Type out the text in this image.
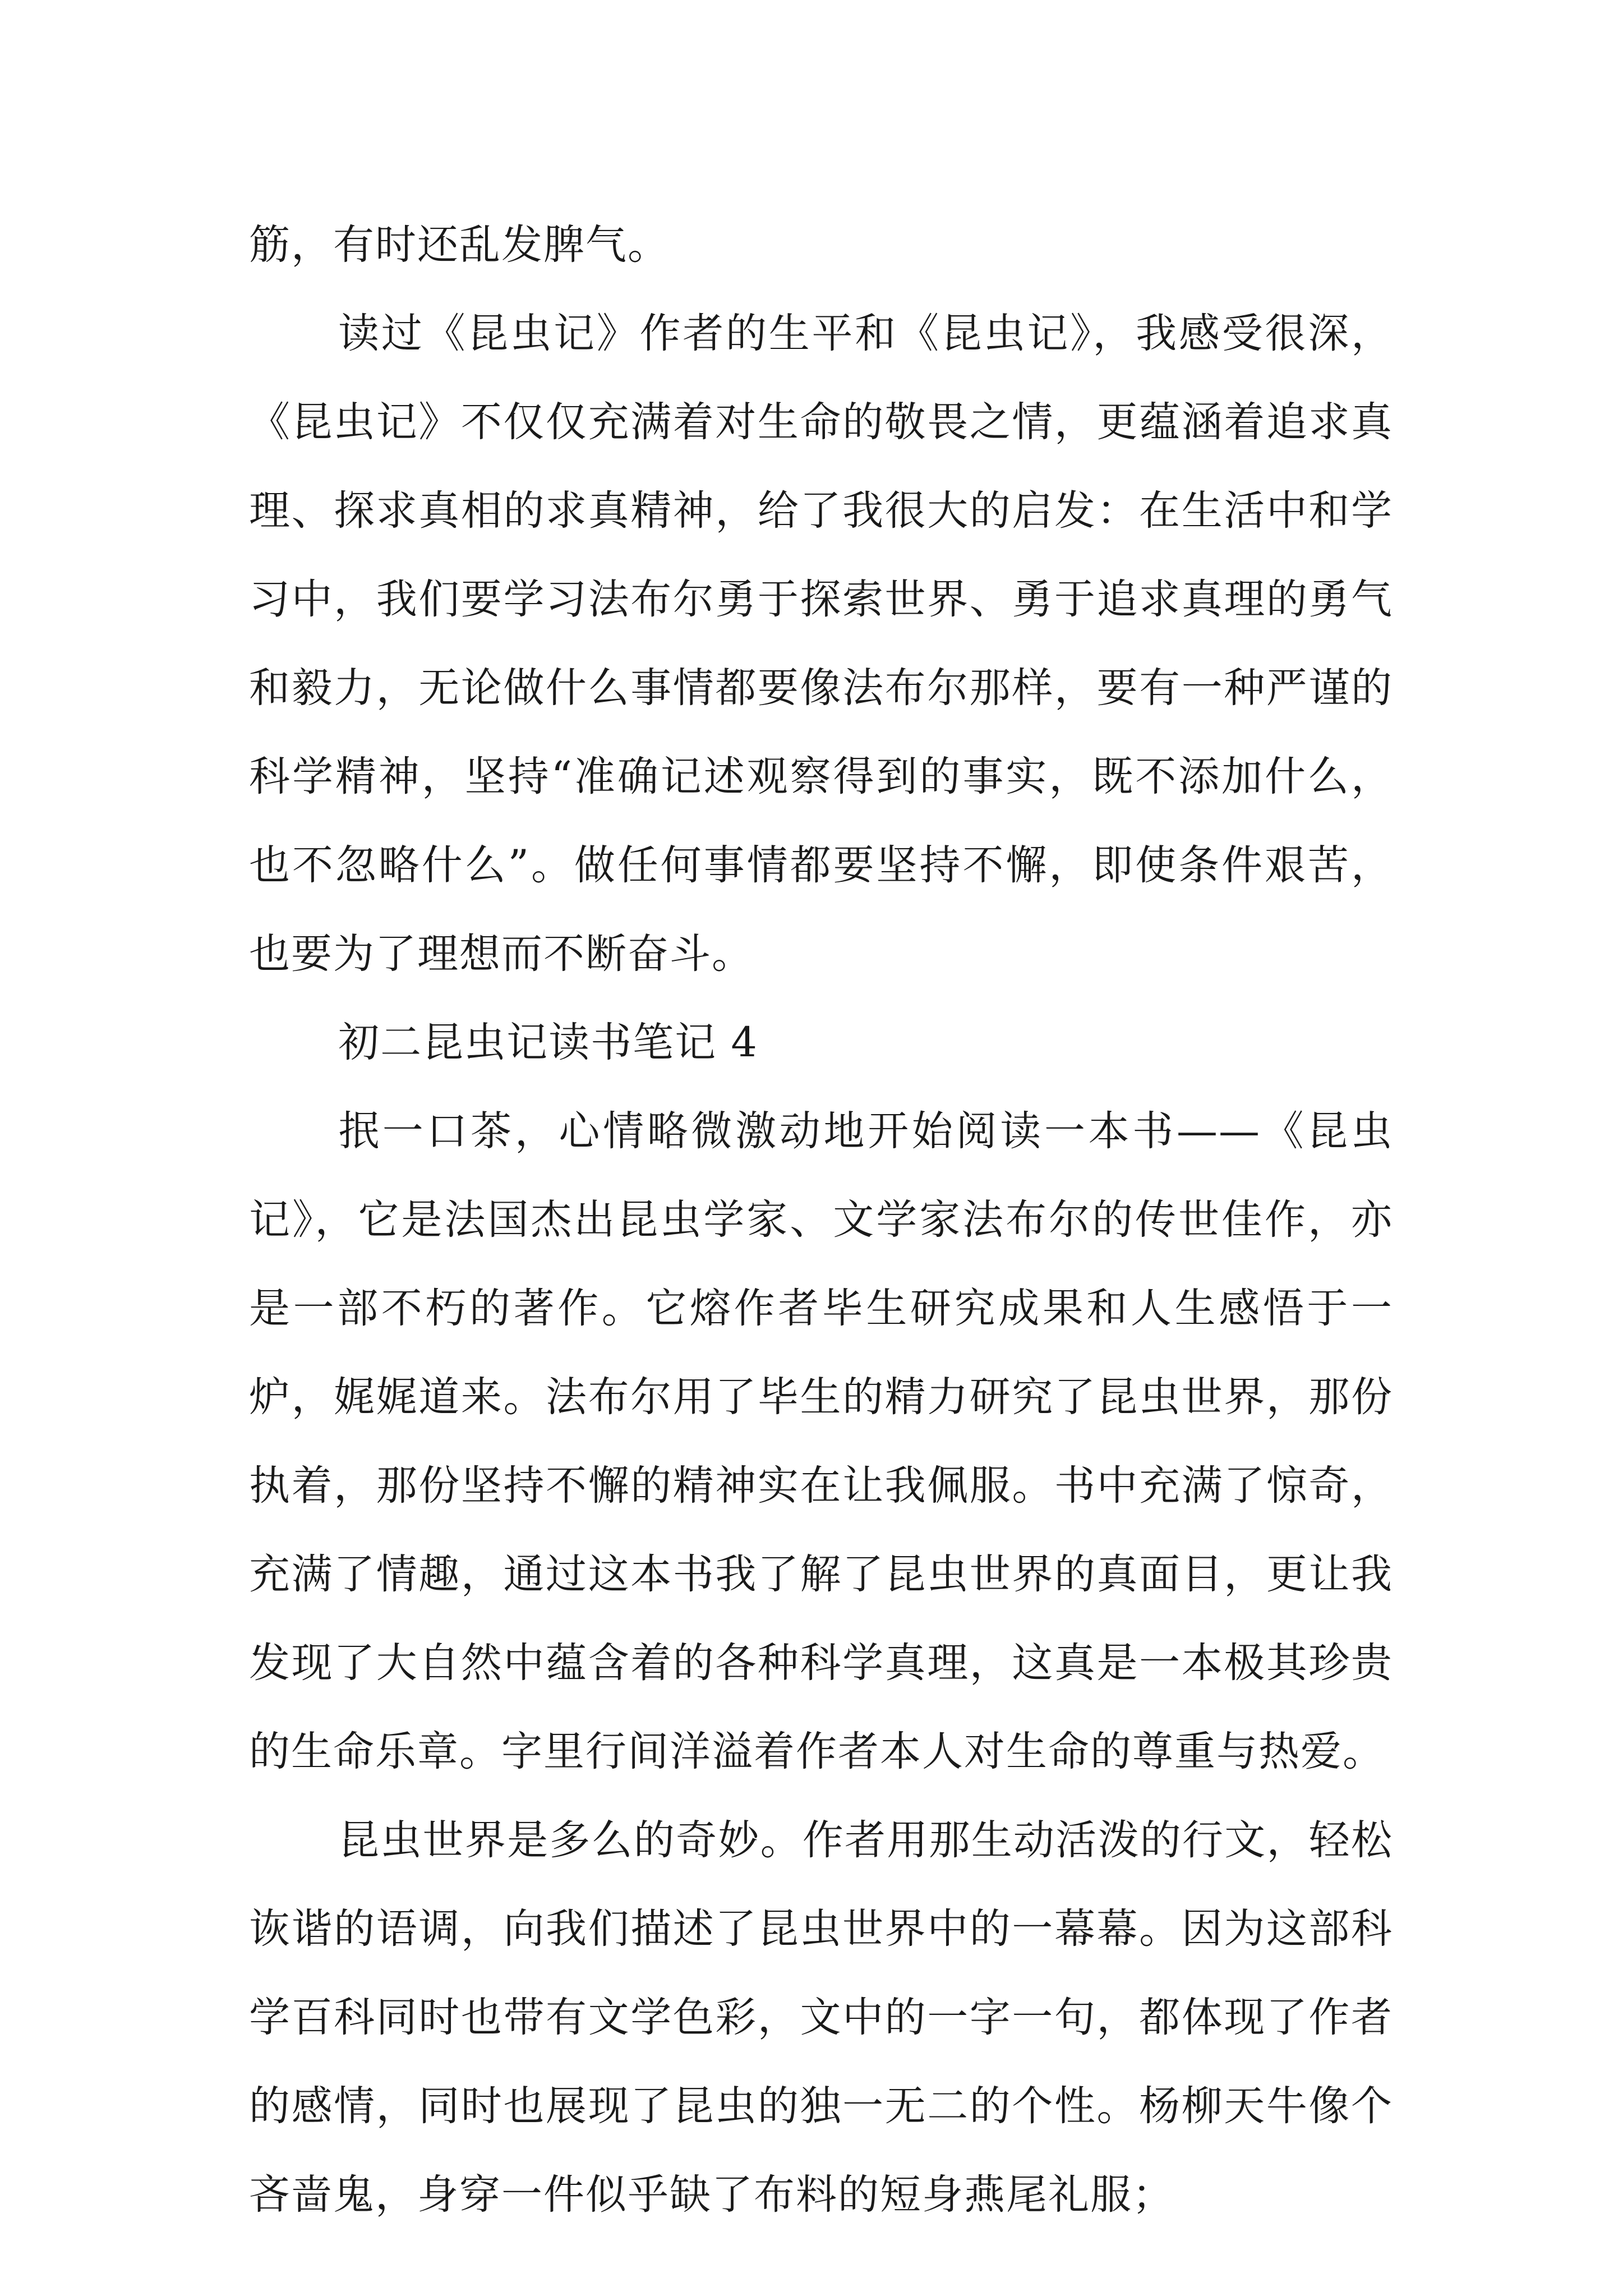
筋，有时还乱发脾气。

读过《昆虫记》作者的生平和《昆虫记》，我感受很深，《昆虫记》不仅仅充满着对生命的敬畏之情，更蕴涵着追求真理、探求真相的求真精神，给了我很大的启发：在生活中和学习中，我们要学习法布尔勇于探索世界、勇于追求真理的勇气和毅力，无论做什么事情都要像法布尔那样，要有一种严谨的科学精神，坚持“准确记述观察得到的事实，既不添加什么，也不忽略什么”。做任何事情都要坚持不懈，即使条件艰苦，也要为了理想而不断奋斗。

初二昆虫记读书笔记 4

抿一口茶，心情略微激动地开始阅读一本书——《昆虫记》，它是法国杰出昆虫学家、文学家法布尔的传世佳作，亦是一部不朽的著作。它熔作者毕生研究成果和人生感悟于一炉，娓娓道来。法布尔用了毕生的精力研究了昆虫世界，那份执着，那份坚持不懈的精神实在让我佩服。书中充满了惊奇，充满了情趣，通过这本书我了解了昆虫世界的真面目，更让我发现了大自然中蕴含着的各种科学真理，这真是一本极其珍贵的生命乐章。字里行间洋溢着作者本人对生命的尊重与热爱。

昆虫世界是多么的奇妙。作者用那生动活泼的行文，轻松诙谐的语调，向我们描述了昆虫世界中的一幕幕。因为这部科学百科同时也带有文学色彩，文中的一字一句，都体现了作者的感情，同时也展现了昆虫的独一无二的个性。杨柳天牛像个吝啬鬼，身穿一件似乎缺了布料的短身燕尾礼服；
